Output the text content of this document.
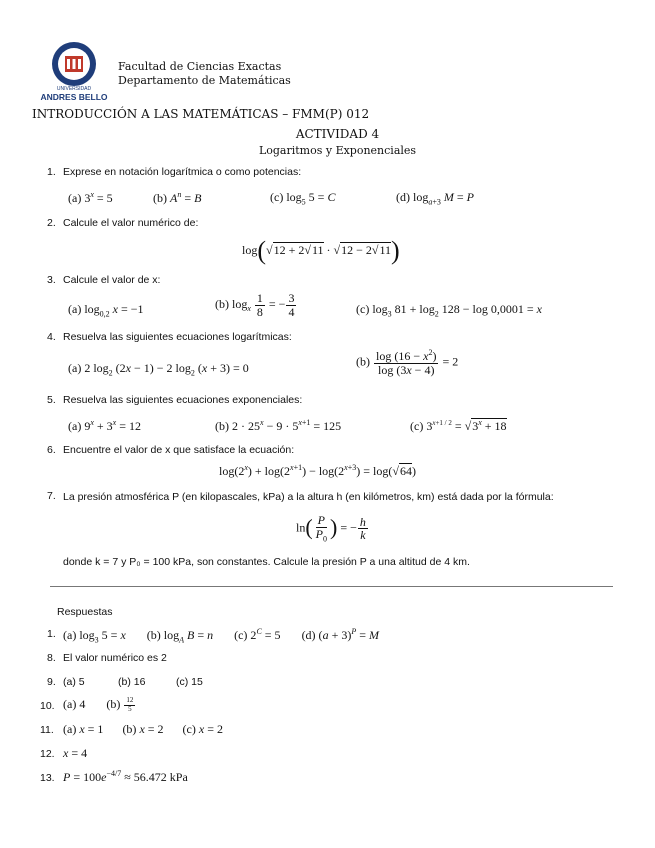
UNIVERSIDAD
ANDRES BELLO
Facultad de Ciencias Exactas
Departamento de Matemáticas
INTRODUCCIÓN A LAS MATEMÁTICAS – FMM(P) 012
ACTIVIDAD 4
Logaritmos y Exponenciales
1. Exprese en notación logarítmica o como potencias:
(a) $3^x = 5$	(b) $A^n = B$	(c) $\log_5 5 = C$	(d) $\log_{a+3} M = P$
2. Calcule el valor numérico de:
log(√12 + 2√11 · √12 − 2√11)
3. Calcule el valor de x:
(a) $\log_{0,2} x = -1$	(b) $\log_x \frac{1}{8}$ = − $\frac{3}{4}$	(c) $\log_3 81 + \log_2 128 - \log 0,0001 = x$
4. Resuelva las siguientes ecuaciones logarítmicas:
(a) 2 $\log_2 (2x - 1) - 2$ $\log_2 (x + 3) = 0$	$(b) \frac{\log (16 - x^2)}{\log (3x - 4)} = 2$
5. Resuelva las siguientes ecuaciones exponenciales:
(a) $9^x + 3^x = 12$	(b) $2 \cdot 25^x - 9 \cdot 5^{x+1} = 125$	(c) $3^{x+1 / 2} = √3^x + 18$
6. Encuentre el valor de x que satisface la ecuación:
$\log(2^x) + \log(2^{x+1}) - \log(2^{x+3}) = \log(√64)$
7. La presión atmosférica P (en kilopascales, kPa) a la altura h (en kilómetros, km) está dada por la fórmula:
$\ln( \frac{P}{P_0}$ ) = − $\frac{h}{k}$
donde k = 7 y P₀ = 100 kPa, son constantes. Calcule la presión P a una altitud de 4 km.
Respuestas
1. (a) $\log_3 5 = x$ (b) $\log_A B = n$ (c) $2^C = 5$ (d) $(a + 3)^P = M$
8. El valor numérico es 2
9. (a) 5	(b) 16	(c) 15
10. (a) 4 $(b) \frac{12}{5}$
11. (a) x = 1 (b) x = 2 (c) x = 2
12. x = 4
13. $P = 100e^{-4/7} \approx 56.472$ kPa
